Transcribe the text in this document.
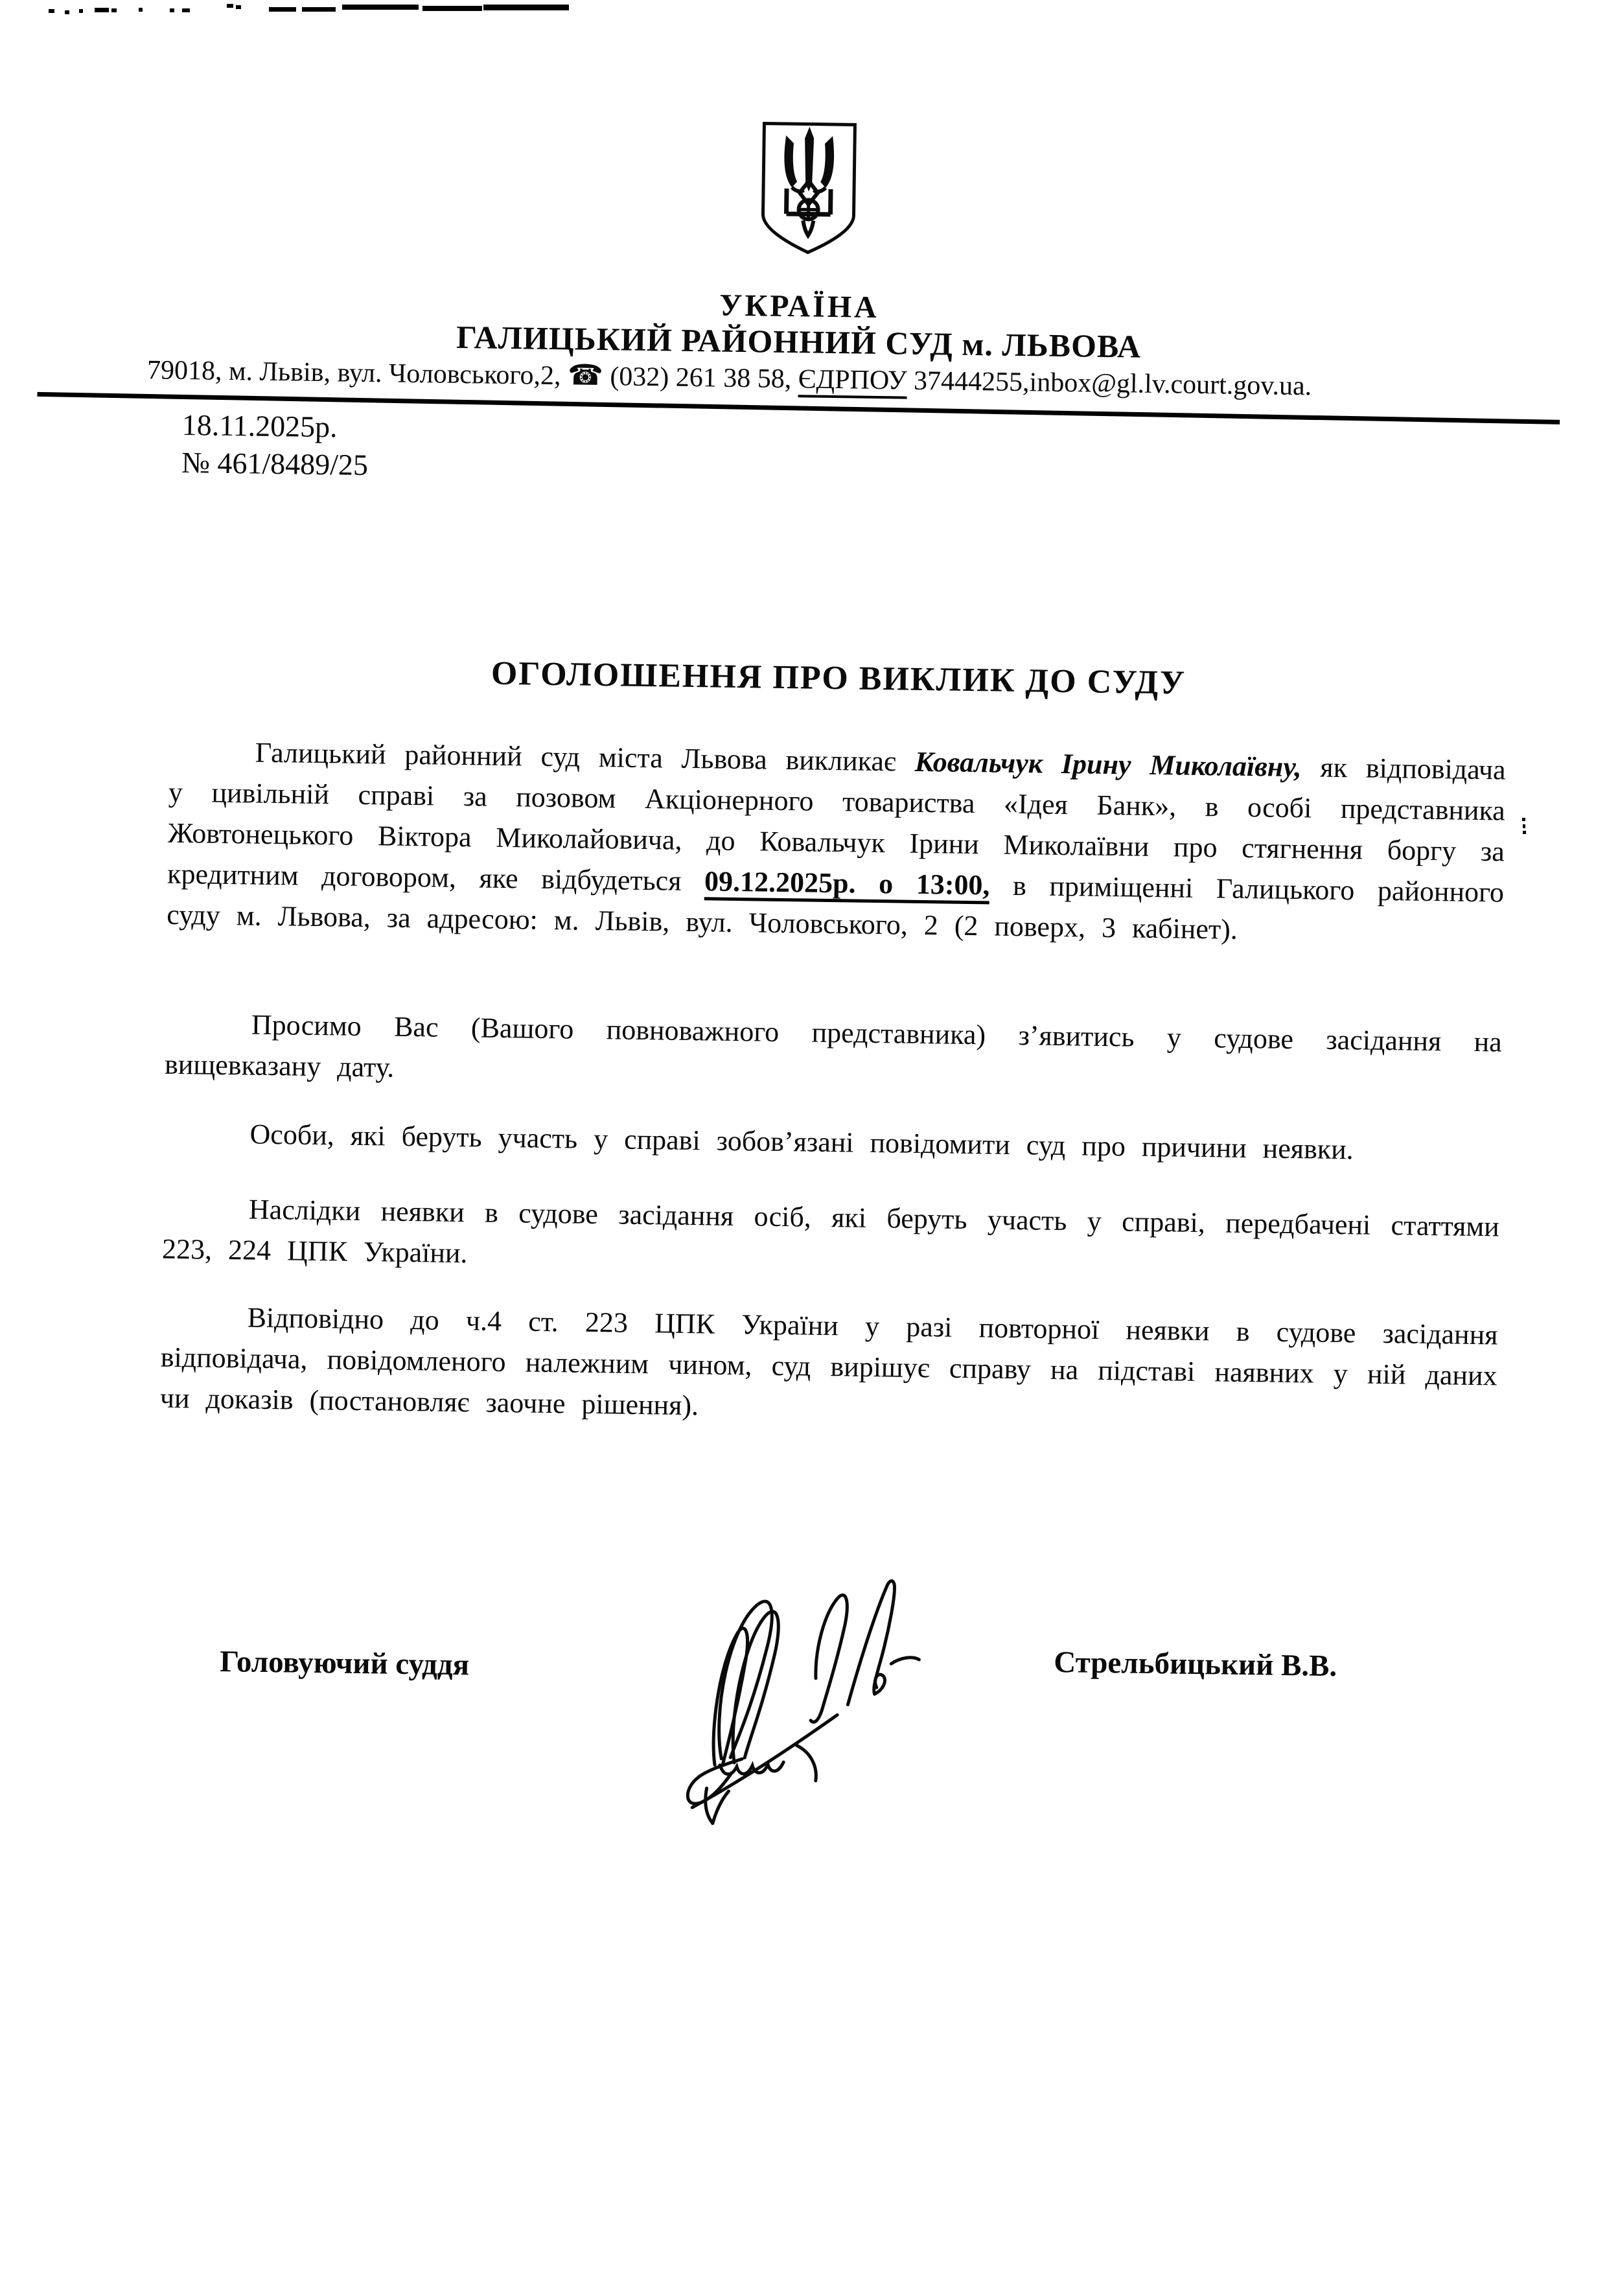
УКРАЇНА
ГАЛИЦЬКИЙ РАЙОННИЙ СУД м. ЛЬВОВА
79018, м. Львів, вул. Чоловського,2, ☎ (032) 261 38 58, ЄДРПОУ 37444255,inbox@gl.lv.court.gov.ua.
18.11.2025р.
№ 461/8489/25
ОГОЛОШЕННЯ ПРО ВИКЛИК ДО СУДУ

Галицький районний суд міста Львова викликає Ковальчук Ірину Миколаївну, як відповідача у цивільній справі за позовом Акціонерного товариства «Ідея Банк», в особі представника Жовтонецького Віктора Миколайовича, до Ковальчук Ірини Миколаївни про стягнення боргу за кредитним договором, яке відбудеться 09.12.2025р. о 13:00, в приміщенні Галицького районного суду м. Львова, за адресою: м. Львів, вул. Чоловського, 2 (2 поверх, 3 кабінет).

Просимо Вас (Вашого повноважного представника) з’явитись у судове засідання на вищевказану дату.

Особи, які беруть участь у справі зобов’язані повідомити суд про причини неявки.

Наслідки неявки в судове засідання осіб, які беруть участь у справі, передбачені статтями 223, 224 ЦПК України.

Відповідно до ч.4 ст. 223 ЦПК України у разі повторної неявки в судове засідання відповідача, повідомленого належним чином, суд вирішує справу на підставі наявних у ній даних чи доказів (постановляє заочне рішення).

Головуючий суддя	Стрельбицький В.В.
